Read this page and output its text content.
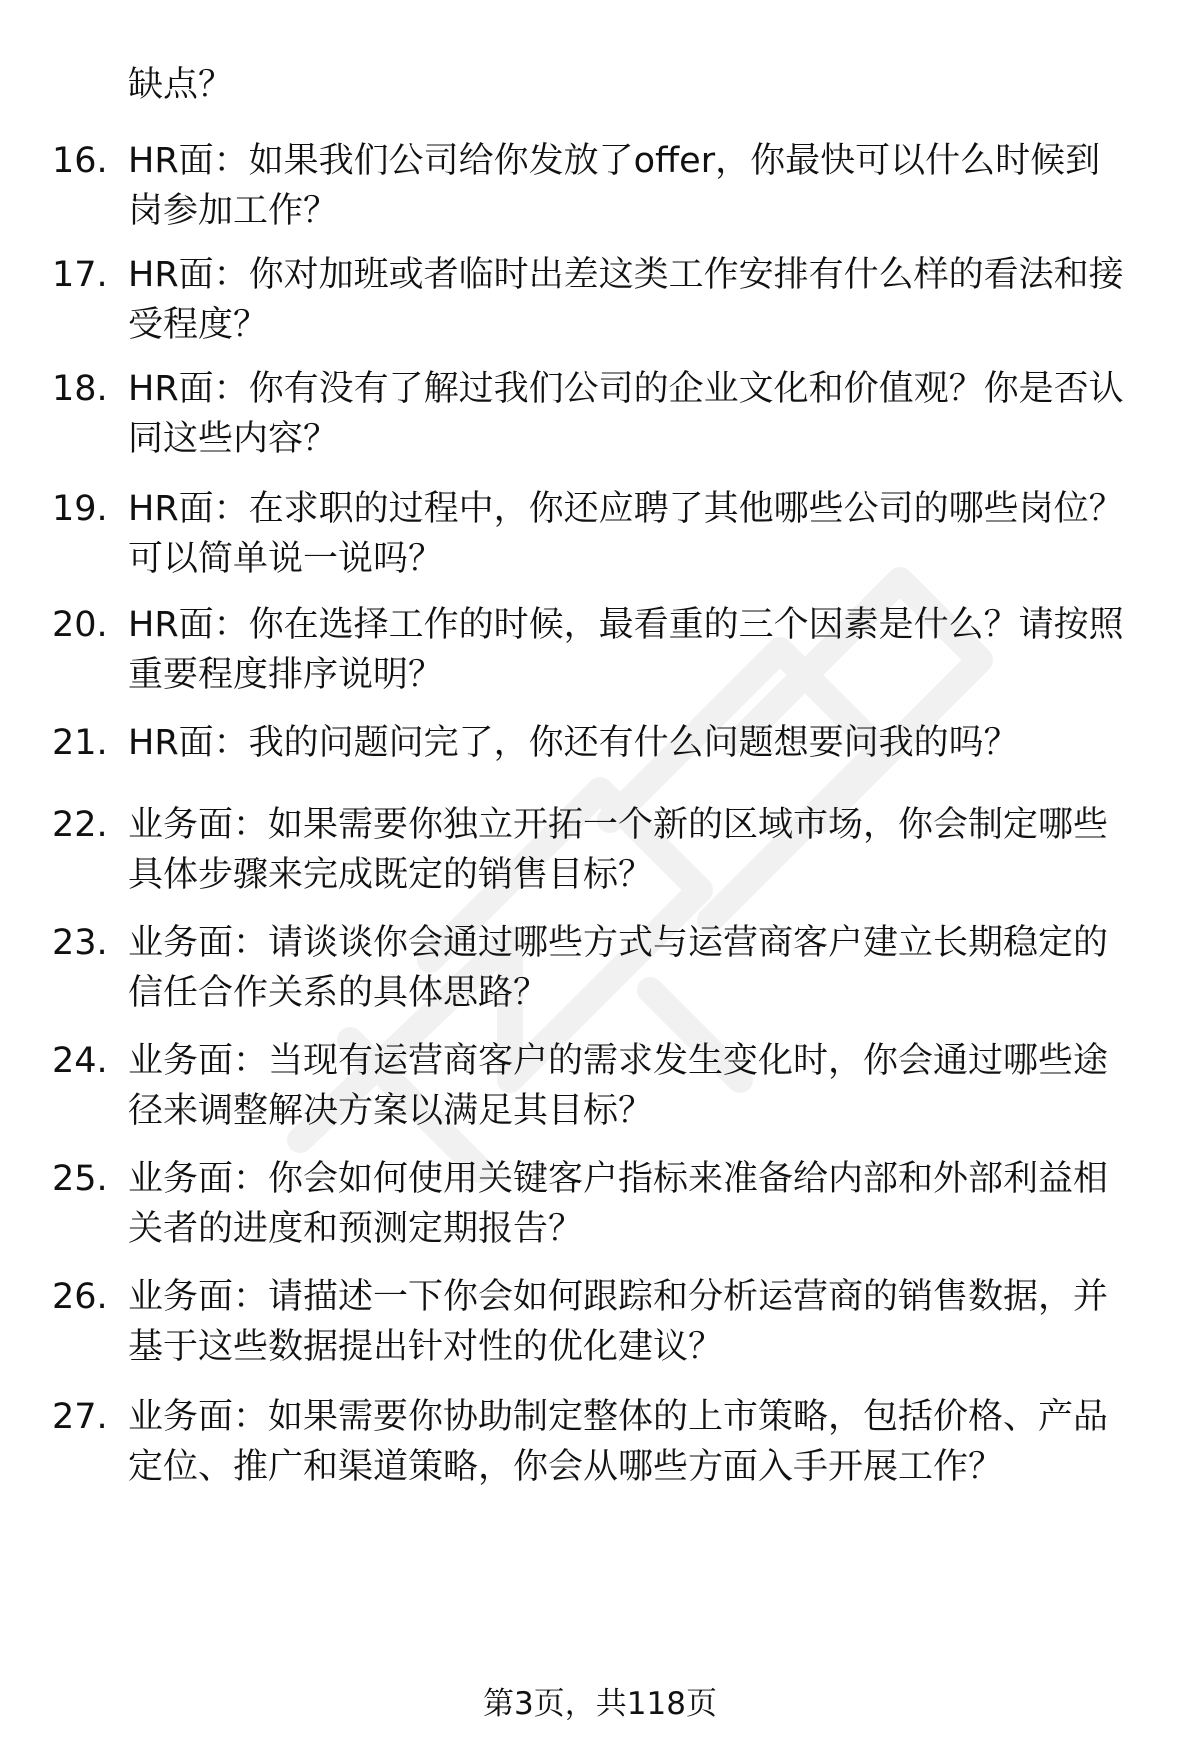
缺点？
16. HR面：如果我们公司给你发放了offer，你最快可以什么时候到
岗参加工作？
17. HR面：你对加班或者临时出差这类工作安排有什么样的看法和接
受程度？
18. HR面：你有没有了解过我们公司的企业文化和价值观？你是否认
同这些内容？
19. HR面：在求职的过程中，你还应聘了其他哪些公司的哪些岗位？
可以简单说一说吗？
20. HR面：你在选择工作的时候，最看重的三个因素是什么？请按照
重要程度排序说明？
21. HR面：我的问题问完了，你还有什么问题想要问我的吗？
22. 业务面：如果需要你独立开拓一个新的区域市场，你会制定哪些
具体步骤来完成既定的销售目标？
23. 业务面：请谈谈你会通过哪些方式与运营商客户建立长期稳定的
信任合作关系的具体思路？
24. 业务面：当现有运营商客户的需求发生变化时，你会通过哪些途
径来调整解决方案以满足其目标？
25. 业务面：你会如何使用关键客户指标来准备给内部和外部利益相
关者的进度和预测定期报告？
26. 业务面：请描述一下你会如何跟踪和分析运营商的销售数据，并
基于这些数据提出针对性的优化建议？
27. 业务面：如果需要你协助制定整体的上市策略，包括价格、产品
定位、推广和渠道策略，你会从哪些方面入手开展工作？
第3页，共118页
